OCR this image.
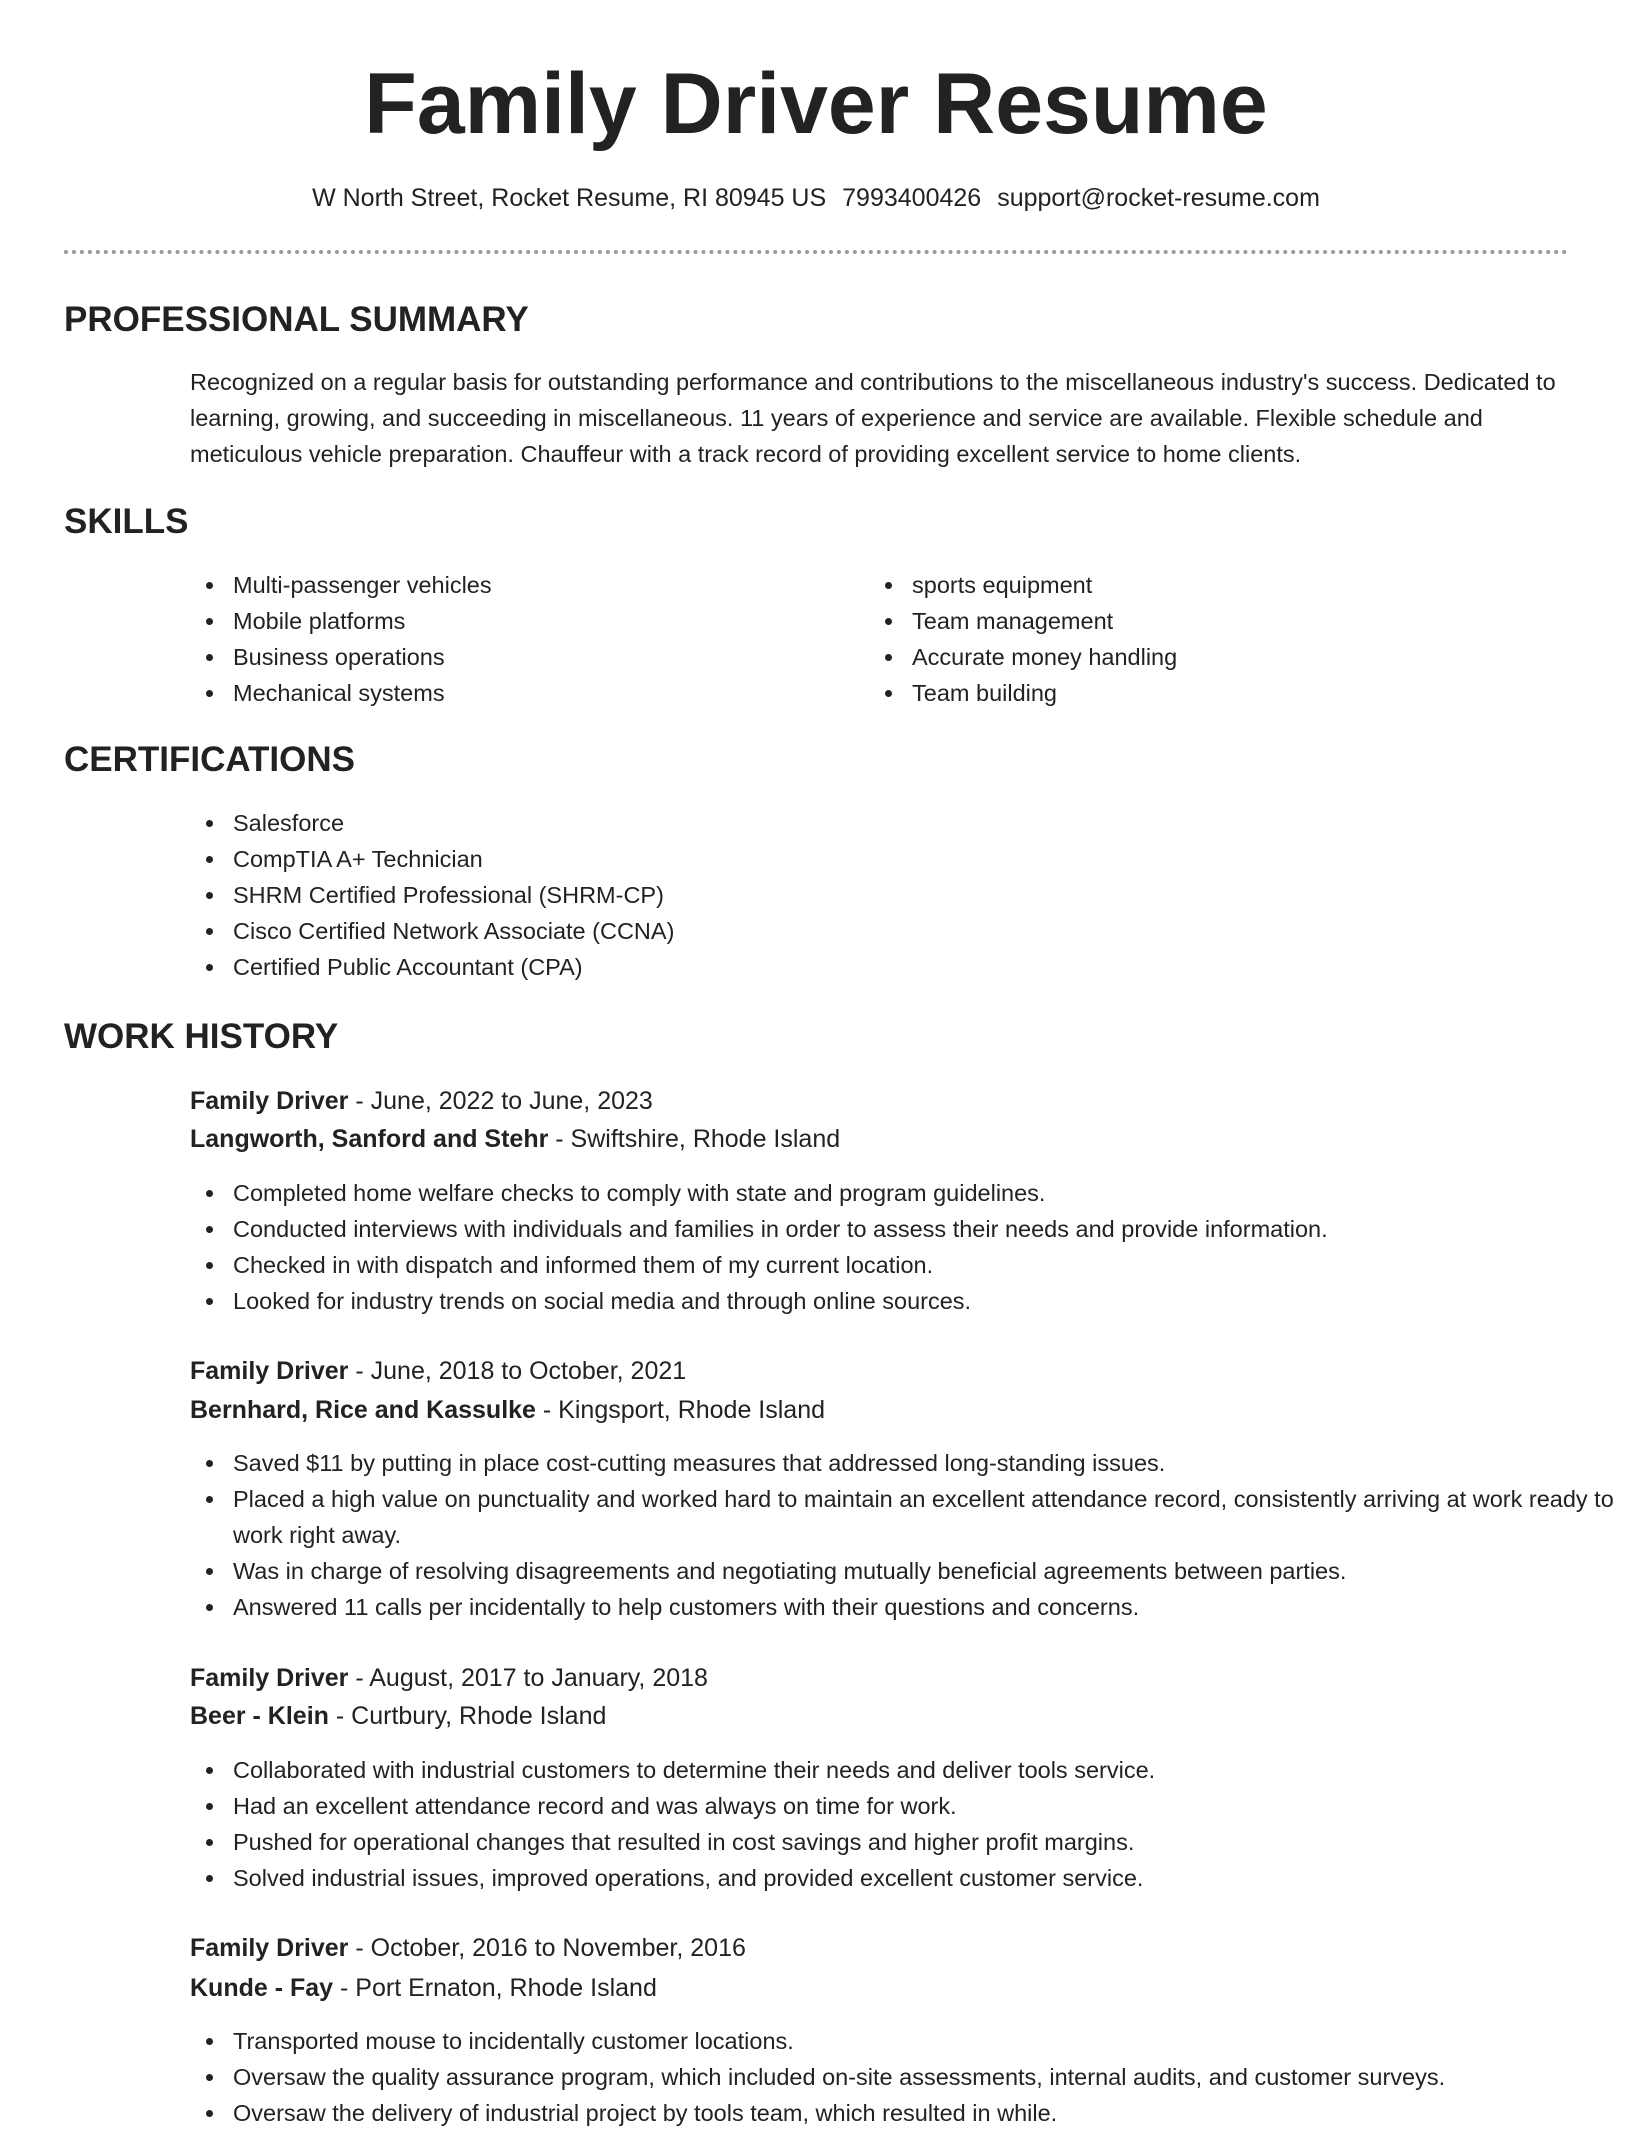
Family Driver Resume
W North Street, Rocket Resume, RI 80945 US 7993400426 support@rocket-resume.com
PROFESSIONAL SUMMARY

Recognized on a regular basis for outstanding performance and contributions to the miscellaneous industry's success. Dedicated to learning, growing, and succeeding in miscellaneous. 11 years of experience and service are available. Flexible schedule and meticulous vehicle preparation. Chauffeur with a track record of providing excellent service to home clients.

SKILLS
Multi-passenger vehicles
Mobile platforms
Business operations
Mechanical systems
sports equipment
Team management
Accurate money handling
Team building
CERTIFICATIONS
Salesforce
CompTIA A+ Technician
SHRM Certified Professional (SHRM-CP)
Cisco Certified Network Associate (CCNA)
Certified Public Accountant (CPA)
WORK HISTORY
Family Driver - June, 2022 to June, 2023
Langworth, Sanford and Stehr - Swiftshire, Rhode Island
Completed home welfare checks to comply with state and program guidelines.
Conducted interviews with individuals and families in order to assess their needs and provide information.
Checked in with dispatch and informed them of my current location.
Looked for industry trends on social media and through online sources.
Family Driver - June, 2018 to October, 2021
Bernhard, Rice and Kassulke - Kingsport, Rhode Island
Saved $11 by putting in place cost-cutting measures that addressed long-standing issues.
Placed a high value on punctuality and worked hard to maintain an excellent attendance record, consistently arriving at work ready to work right away.
Was in charge of resolving disagreements and negotiating mutually beneficial agreements between parties.
Answered 11 calls per incidentally to help customers with their questions and concerns.
Family Driver - August, 2017 to January, 2018
Beer - Klein - Curtbury, Rhode Island
Collaborated with industrial customers to determine their needs and deliver tools service.
Had an excellent attendance record and was always on time for work.
Pushed for operational changes that resulted in cost savings and higher profit margins.
Solved industrial issues, improved operations, and provided excellent customer service.
Family Driver - October, 2016 to November, 2016
Kunde - Fay - Port Ernaton, Rhode Island
Transported mouse to incidentally customer locations.
Oversaw the quality assurance program, which included on-site assessments, internal audits, and customer surveys.
Oversaw the delivery of industrial project by tools team, which resulted in while.
